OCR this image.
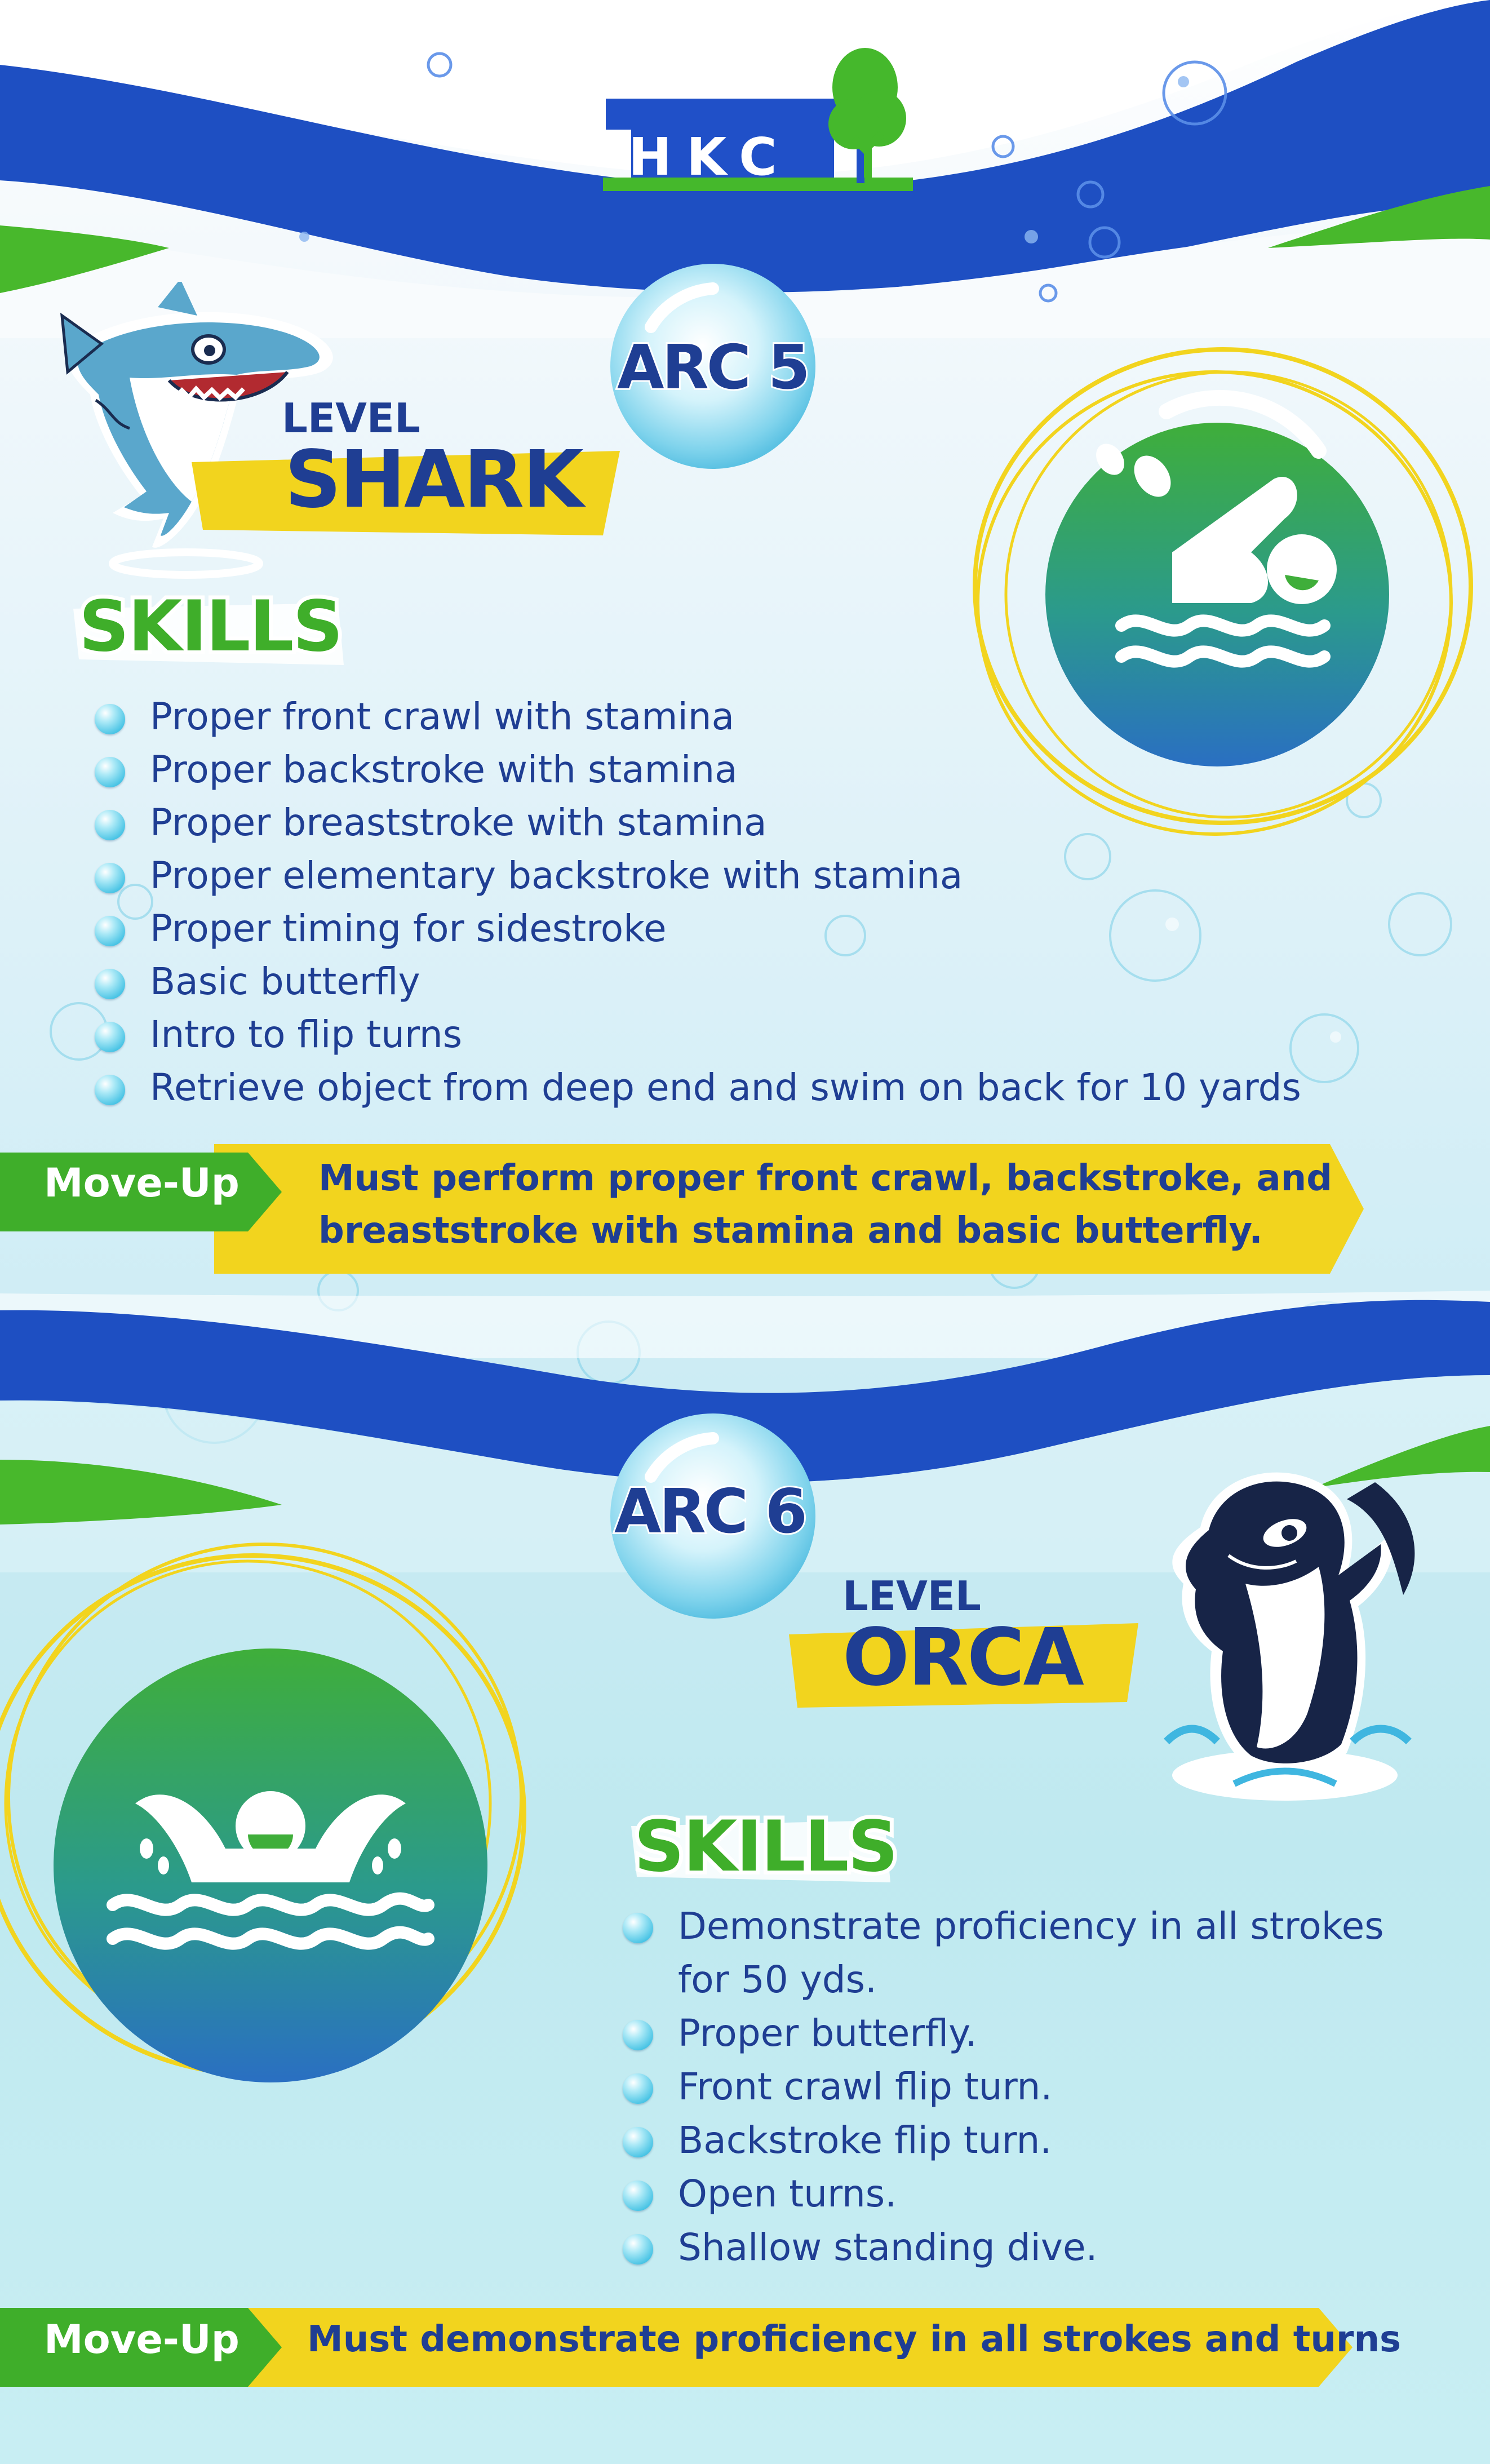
HKC
ARC 5
LEVEL
SHARK
SKILLS
Proper front crawl with stamina
Proper backstroke with stamina
Proper breaststroke with stamina
Proper elementary backstroke with stamina
Proper timing for sidestroke
Basic butterfly
Intro to flip turns
Retrieve object from deep end and swim on back for 10 yards
Move-Up Must perform proper front crawl, backstroke, and
breaststroke with stamina and basic butterfly.
ARC 6
LEVEL
ORCA
SKILLS
Demonstrate proficiency in all strokes
for 50 yds.
Proper butterfly.
Front crawl flip turn.
Backstroke flip turn.
Open turns.
Shallow standing dive.
Move-Up Must demonstrate proficiency in all strokes and turns
